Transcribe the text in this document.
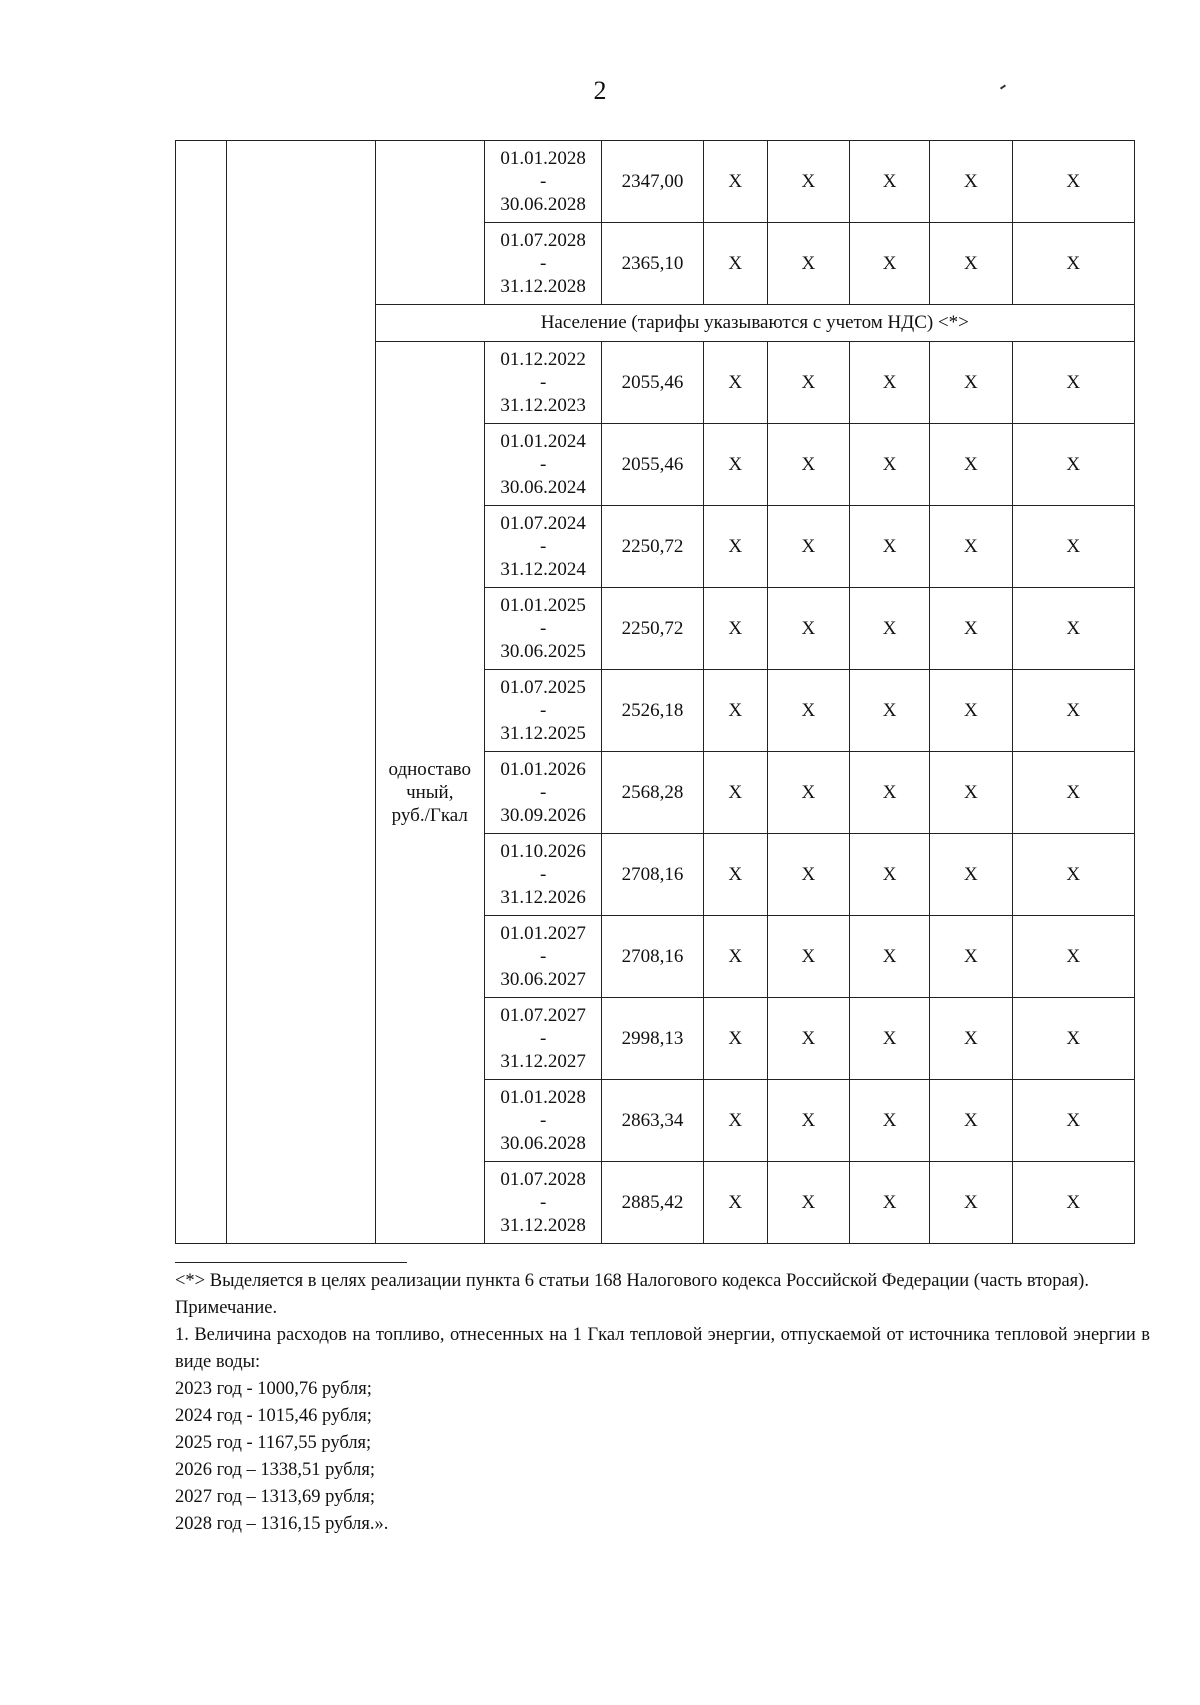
2

			01.01.2028
-
30.06.2028	2347,00	X	X	X	X	X

			01.07.2028
-
31.12.2028	2365,10	X	X	X	X	X
		Население (тарифы указываются с учетом НДС) <*>							

		одноставо
чный,
руб./Гкал	01.12.2022
-
31.12.2023	2055,46	X	X	X	X	X

			01.01.2024
-
30.06.2024	2055,46	X	X	X	X	X

			01.07.2024
-
31.12.2024	2250,72	X	X	X	X	X

			01.01.2025
-
30.06.2025	2250,72	X	X	X	X	X

			01.07.2025
-
31.12.2025	2526,18	X	X	X	X	X

			01.01.2026
-
30.09.2026	2568,28	X	X	X	X	X

			01.10.2026
-
31.12.2026	2708,16	X	X	X	X	X

			01.01.2027
-
30.06.2027	2708,16	X	X	X	X	X

			01.07.2027
-
31.12.2027	2998,13	X	X	X	X	X

			01.01.2028
-
30.06.2028	2863,34	X	X	X	X	X

			01.07.2028
-
31.12.2028	2885,42	X	X	X	X	X

<*> Выделяется в целях реализации пункта 6 статьи 168 Налогового кодекса Российской Федерации (часть вторая).

Примечание.

1. Величина расходов на топливо, отнесенных на 1 Гкал тепловой энергии, отпускаемой от источника тепловой энергии в виде воды:

2023 год - 1000,76 рубля;

2024 год - 1015,46 рубля;

2025 год - 1167,55 рубля;

2026 год – 1338,51 рубля;

2027 год – 1313,69 рубля;

2028 год – 1316,15 рубля.».
